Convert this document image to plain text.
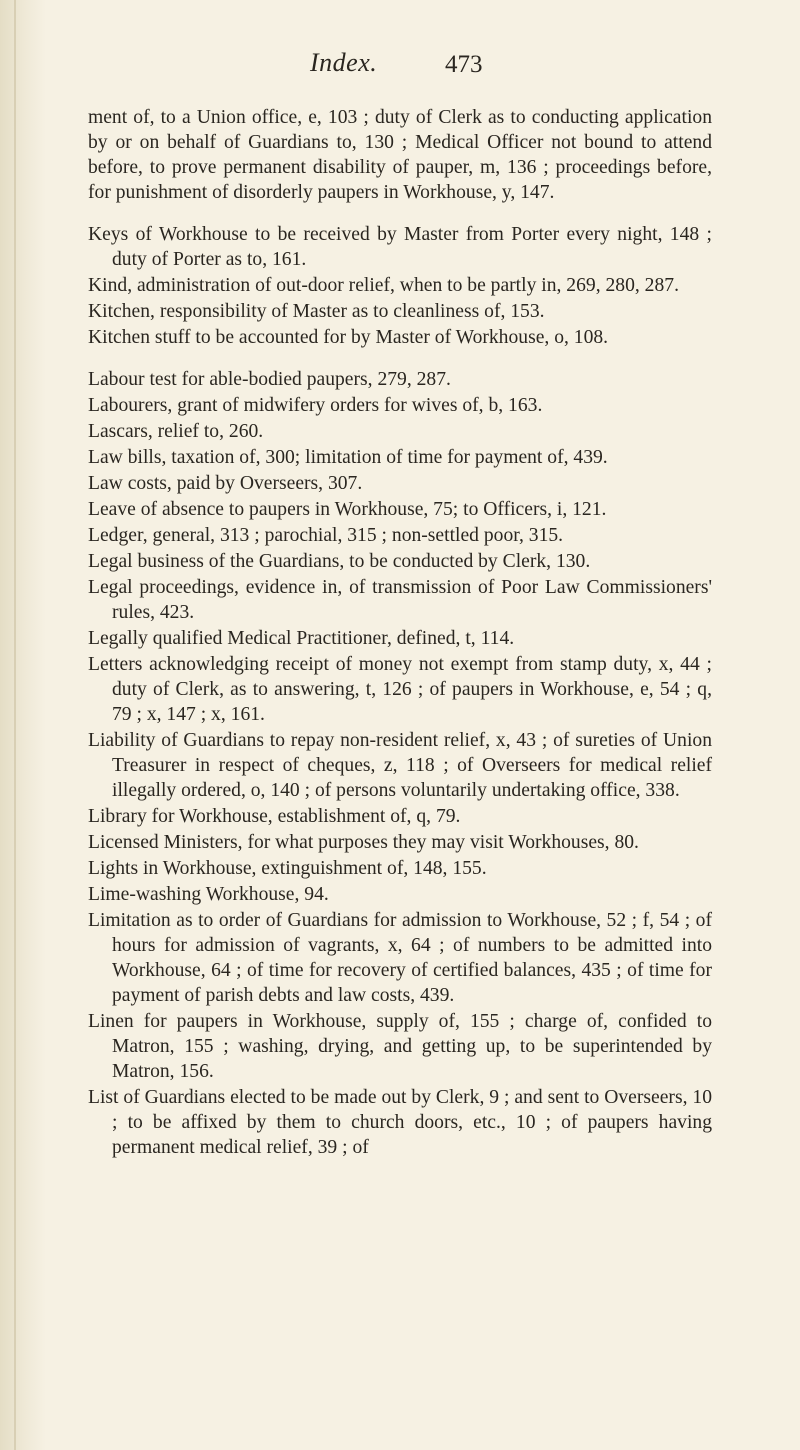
Index.	473

ment of, to a Union office, e, 103 ; duty of Clerk as to conducting application by or on behalf of Guardians to, 130 ; Medical Officer not bound to attend before, to prove permanent disability of pauper, m, 136 ; proceedings before, for punishment of disorderly paupers in Workhouse, y, 147.

Keys of Workhouse to be received by Master from Porter every night, 148 ; duty of Porter as to, 161.

Kind, administration of out-door relief, when to be partly in, 269, 280, 287.

Kitchen, responsibility of Master as to cleanliness of, 153.

Kitchen stuff to be accounted for by Master of Workhouse, o, 108.

Labour test for able-bodied paupers, 279, 287.

Labourers, grant of midwifery orders for wives of, b, 163.

Lascars, relief to, 260.

Law bills, taxation of, 300; limitation of time for payment of, 439.

Law costs, paid by Overseers, 307.

Leave of absence to paupers in Workhouse, 75; to Officers, i, 121.

Ledger, general, 313 ; parochial, 315 ; non-settled poor, 315.

Legal business of the Guardians, to be conducted by Clerk, 130.

Legal proceedings, evidence in, of transmission of Poor Law Commissioners' rules, 423.

Legally qualified Medical Practitioner, defined, t, 114.

Letters acknowledging receipt of money not exempt from stamp duty, x, 44 ; duty of Clerk, as to answering, t, 126 ; of paupers in Workhouse, e, 54 ; q, 79 ; x, 147 ; x, 161.

Liability of Guardians to repay non-resident relief, x, 43 ; of sureties of Union Treasurer in respect of cheques, z, 118 ; of Overseers for medical relief illegally ordered, o, 140 ; of persons voluntarily undertaking office, 338.

Library for Workhouse, establishment of, q, 79.

Licensed Ministers, for what purposes they may visit Workhouses, 80.

Lights in Workhouse, extinguishment of, 148, 155.

Lime-washing Workhouse, 94.

Limitation as to order of Guardians for admission to Workhouse, 52 ; f, 54 ; of hours for admission of vagrants, x, 64 ; of numbers to be admitted into Workhouse, 64 ; of time for recovery of certified balances, 435 ; of time for payment of parish debts and law costs, 439.

Linen for paupers in Workhouse, supply of, 155 ; charge of, confided to Matron, 155 ; washing, drying, and getting up, to be superintended by Matron, 156.

List of Guardians elected to be made out by Clerk, 9 ; and sent to Overseers, 10 ; to be affixed by them to church doors, etc., 10 ; of paupers having permanent medical relief, 39 ; of
